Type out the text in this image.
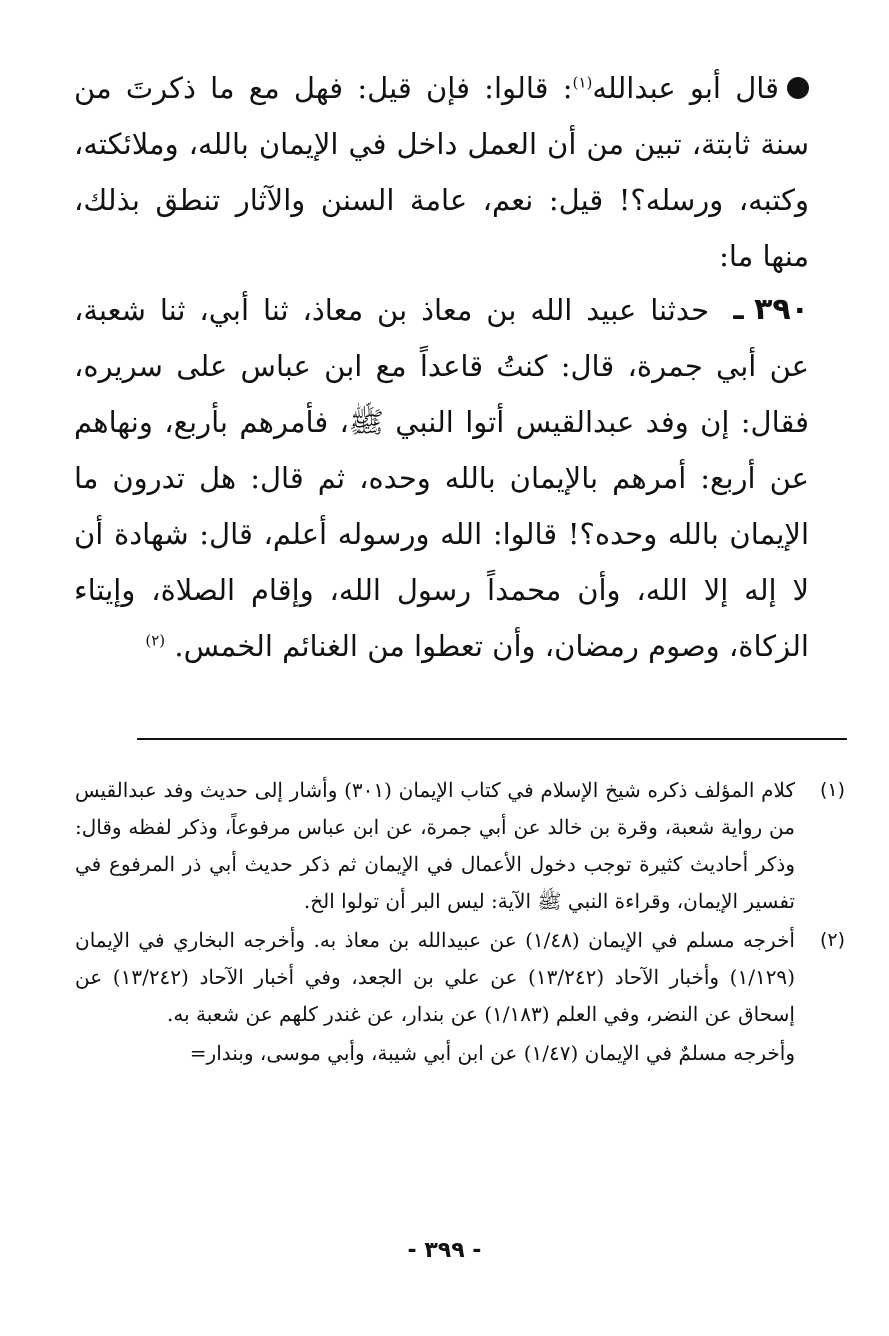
قال أبو عبدالله$^{(١)}$: قالوا: فإن قيل: فهل مع ما ذكرتَ من سنة ثابتة، تبين من أن العمل داخل في الإيمان بالله، وملائكته، وكتبه، ورسله؟! قيل: نعم، عامة السنن والآثار تنطق بذلك، منها ما:
٣٩٠ ـ
حدثنا عبيد الله بن معاذ بن معاذ، ثنا أبي، ثنا شعبة، عن أبي جمرة، قال: كنتُ قاعداً مع ابن عباس على سريره، فقال: إن وفد عبدالقيس أتوا النبي ﷺ، فأمرهم بأربع، ونهاهم عن أربع: أمرهم بالإيمان بالله وحده، ثم قال: هل تدرون ما الإيمان بالله وحده؟! قالوا: الله ورسوله أعلم، قال: شهادة أن لا إله إلا الله، وأن محمداً رسول الله، وإقام الصلاة، وإيتاء الزكاة، وصوم رمضان، وأن تعطوا من الغنائم الخمس. $^{(٢)}$
(١)
كلام المؤلف ذكره شيخ الإسلام في كتاب الإيمان (٣٠١) وأشار إلى حديث وفد عبدالقيس من رواية شعبة، وقرة بن خالد عن أبي جمرة، عن ابن عباس مرفوعاً، وذكر لفظه وقال: وذكر أحاديث كثيرة توجب دخول الأعمال في الإيمان ثم ذكر حديث أبي ذر المرفوع في تفسير الإيمان، وقراءة النبي ﷺ الآية: ليس البر أن تولوا الخ.
(٢)
أخرجه مسلم في الإيمان (١/٤٨) عن عبيدالله بن معاذ به. وأخرجه البخاري في الإيمان (١/١٢٩) وأخبار الآحاد (١٣/٢٤٢) عن علي بن الجعد، وفي أخبار الآحاد (١٣/٢٤٢) عن إسحاق عن النضر، وفي العلم (١/١٨٣) عن بندار، عن غندر كلهم عن شعبة به.
وأخرجه مسلمٌ في الإيمان (١/٤٧) عن ابن أبي شيبة، وأبي موسى، وبندار=
- ٣٩٩ -
